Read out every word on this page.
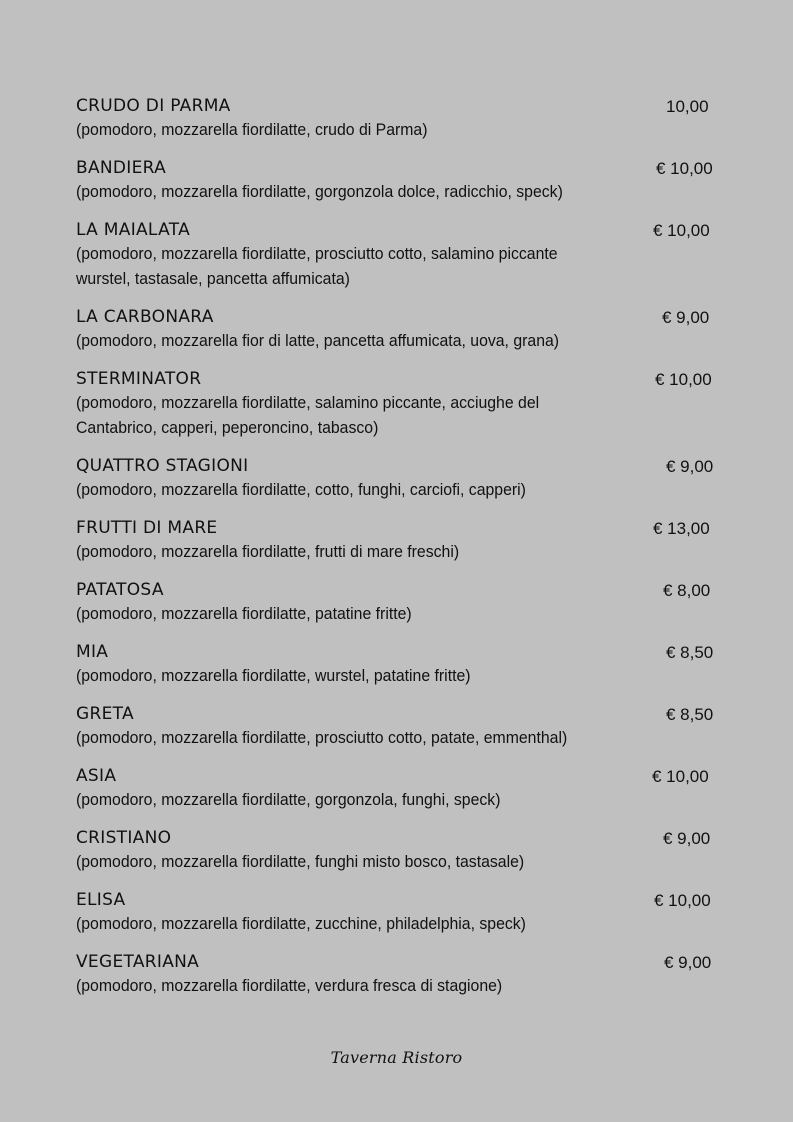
CRUDO DI PARMA	10,00
(pomodoro, mozzarella fiordilatte, crudo di Parma)
BANDIERA	€ 10,00
(pomodoro, mozzarella fiordilatte, gorgonzola dolce, radicchio, speck)
LA MAIALATA	€ 10,00
(pomodoro, mozzarella fiordilatte, prosciutto cotto, salamino piccante
wurstel, tastasale, pancetta affumicata)
LA CARBONARA	€ 9,00
(pomodoro, mozzarella fior di latte, pancetta affumicata, uova, grana)
STERMINATOR	€ 10,00
(pomodoro, mozzarella fiordilatte, salamino piccante, acciughe del
Cantabrico, capperi, peperoncino, tabasco)
QUATTRO STAGIONI	€ 9,00
(pomodoro, mozzarella fiordilatte, cotto, funghi, carciofi, capperi)
FRUTTI DI MARE	€ 13,00
(pomodoro, mozzarella fiordilatte, frutti di mare freschi)
PATATOSA	€ 8,00
(pomodoro, mozzarella fiordilatte, patatine fritte)
MIA	€ 8,50
(pomodoro, mozzarella fiordilatte, wurstel, patatine fritte)
GRETA	€ 8,50
(pomodoro, mozzarella fiordilatte, prosciutto cotto, patate, emmenthal)
ASIA	€ 10,00
(pomodoro, mozzarella fiordilatte, gorgonzola, funghi, speck)
CRISTIANO	€ 9,00
(pomodoro, mozzarella fiordilatte, funghi misto bosco, tastasale)
ELISA	€ 10,00
(pomodoro, mozzarella fiordilatte, zucchine, philadelphia, speck)
VEGETARIANA	€ 9,00
(pomodoro, mozzarella fiordilatte, verdura fresca di stagione)
Taverna Ristoro
